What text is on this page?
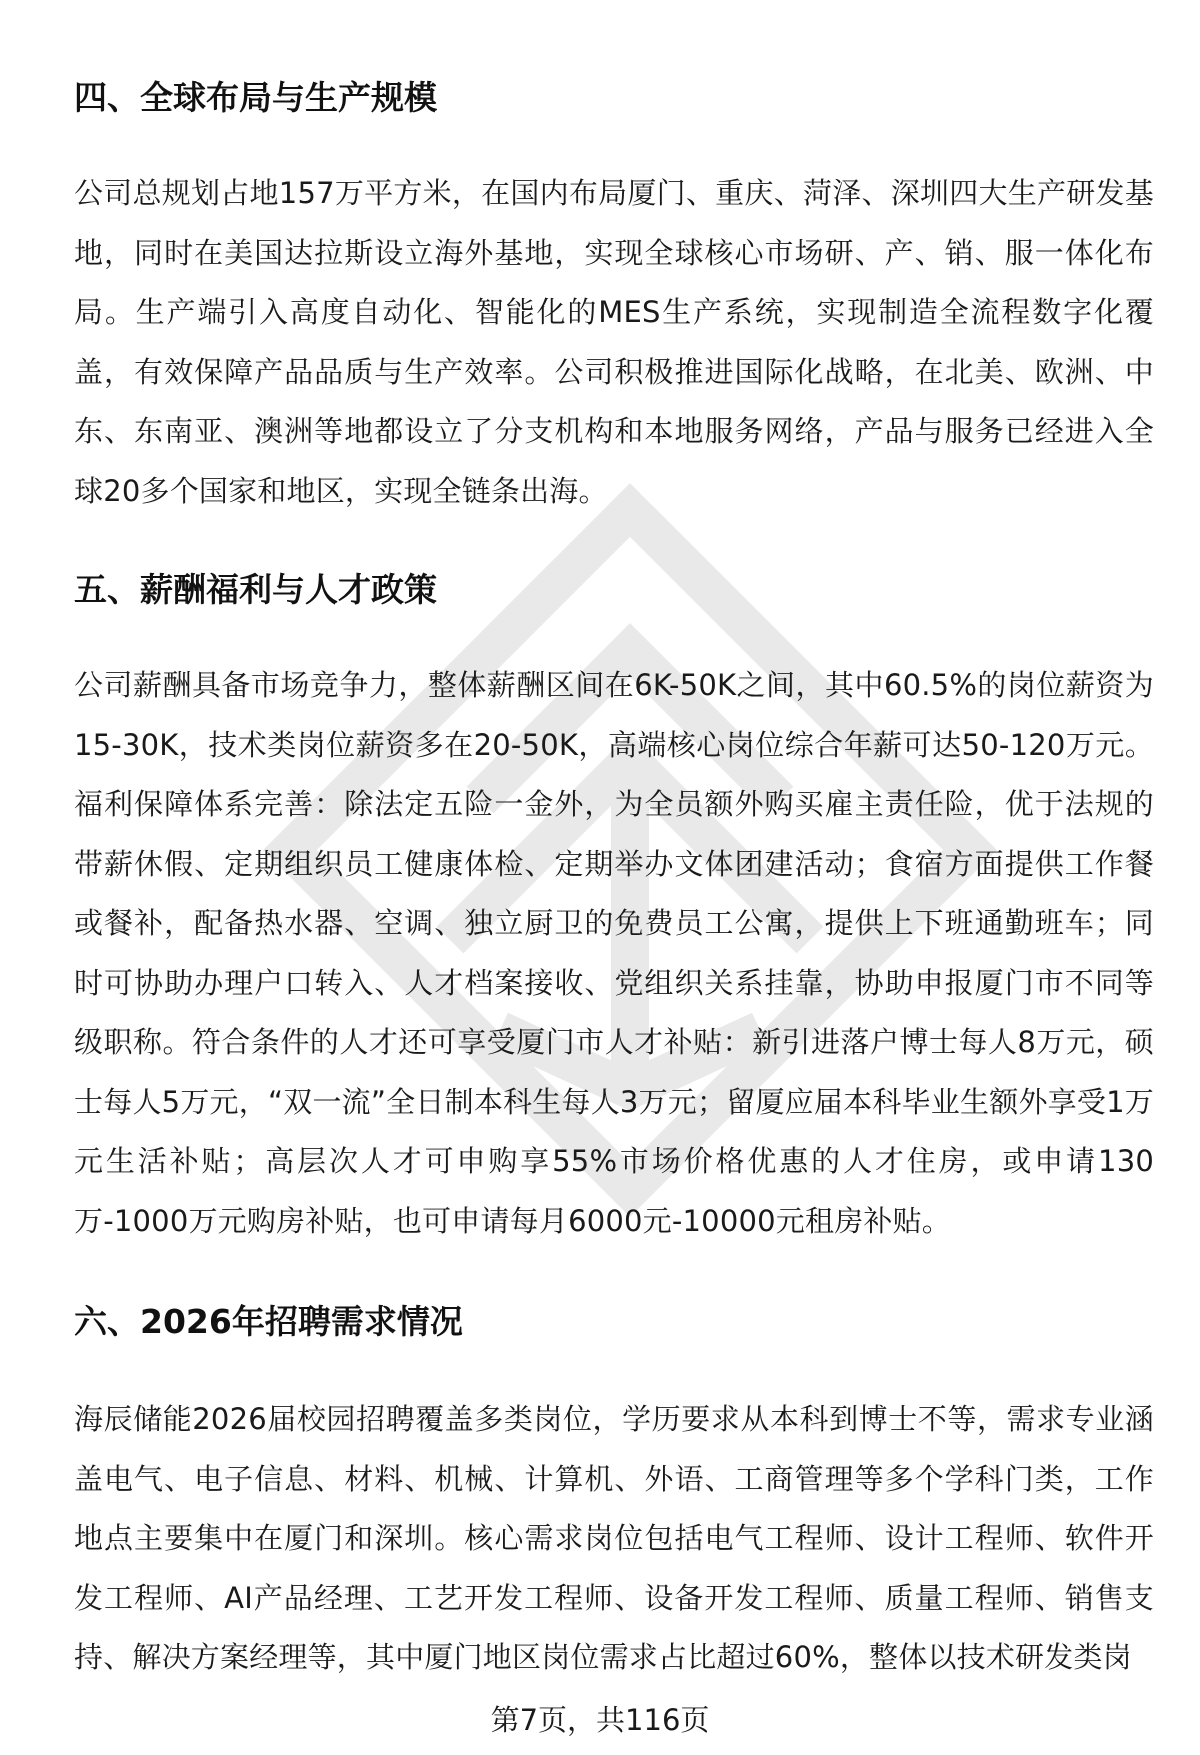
四、全球布局与生产规模

公司总规划占地157万平方米，在国内布局厦门、重庆、菏泽、深圳四大生产研发基地，同时在美国达拉斯设立海外基地，实现全球核心市场研、产、销、服一体化布局。生产端引入高度自动化、智能化的MES生产系统，实现制造全流程数字化覆盖，有效保障产品品质与生产效率。公司积极推进国际化战略，在北美、欧洲、中东、东南亚、澳洲等地都设立了分支机构和本地服务网络，产品与服务已经进入全球20多个国家和地区，实现全链条出海。

五、薪酬福利与人才政策

公司薪酬具备市场竞争力，整体薪酬区间在6K-50K之间，其中60.5%的岗位薪资为15-30K，技术类岗位薪资多在20-50K，高端核心岗位综合年薪可达50-120万元。福利保障体系完善：除法定五险一金外，为全员额外购买雇主责任险，优于法规的带薪休假、定期组织员工健康体检、定期举办文体团建活动；食宿方面提供工作餐或餐补，配备热水器、空调、独立厨卫的免费员工公寓，提供上下班通勤班车；同时可协助办理户口转入、人才档案接收、党组织关系挂靠，协助申报厦门市不同等级职称。符合条件的人才还可享受厦门市人才补贴：新引进落户博士每人8万元，硕士每人5万元，“双一流”全日制本科生每人3万元；留厦应届本科毕业生额外享受1万元生活补贴；高层次人才可申购享55%市场价格优惠的人才住房，或申请130万-1000万元购房补贴，也可申请每月6000元-10000元租房补贴。

六、2026年招聘需求情况

海辰储能2026届校园招聘覆盖多类岗位，学历要求从本科到博士不等，需求专业涵盖电气、电子信息、材料、机械、计算机、外语、工商管理等多个学科门类，工作地点主要集中在厦门和深圳。核心需求岗位包括电气工程师、设计工程师、软件开发工程师、AI产品经理、工艺开发工程师、设备开发工程师、质量工程师、销售支持、解决方案经理等，其中厦门地区岗位需求占比超过60%，整体以技术研发类岗

第7页，共116页
